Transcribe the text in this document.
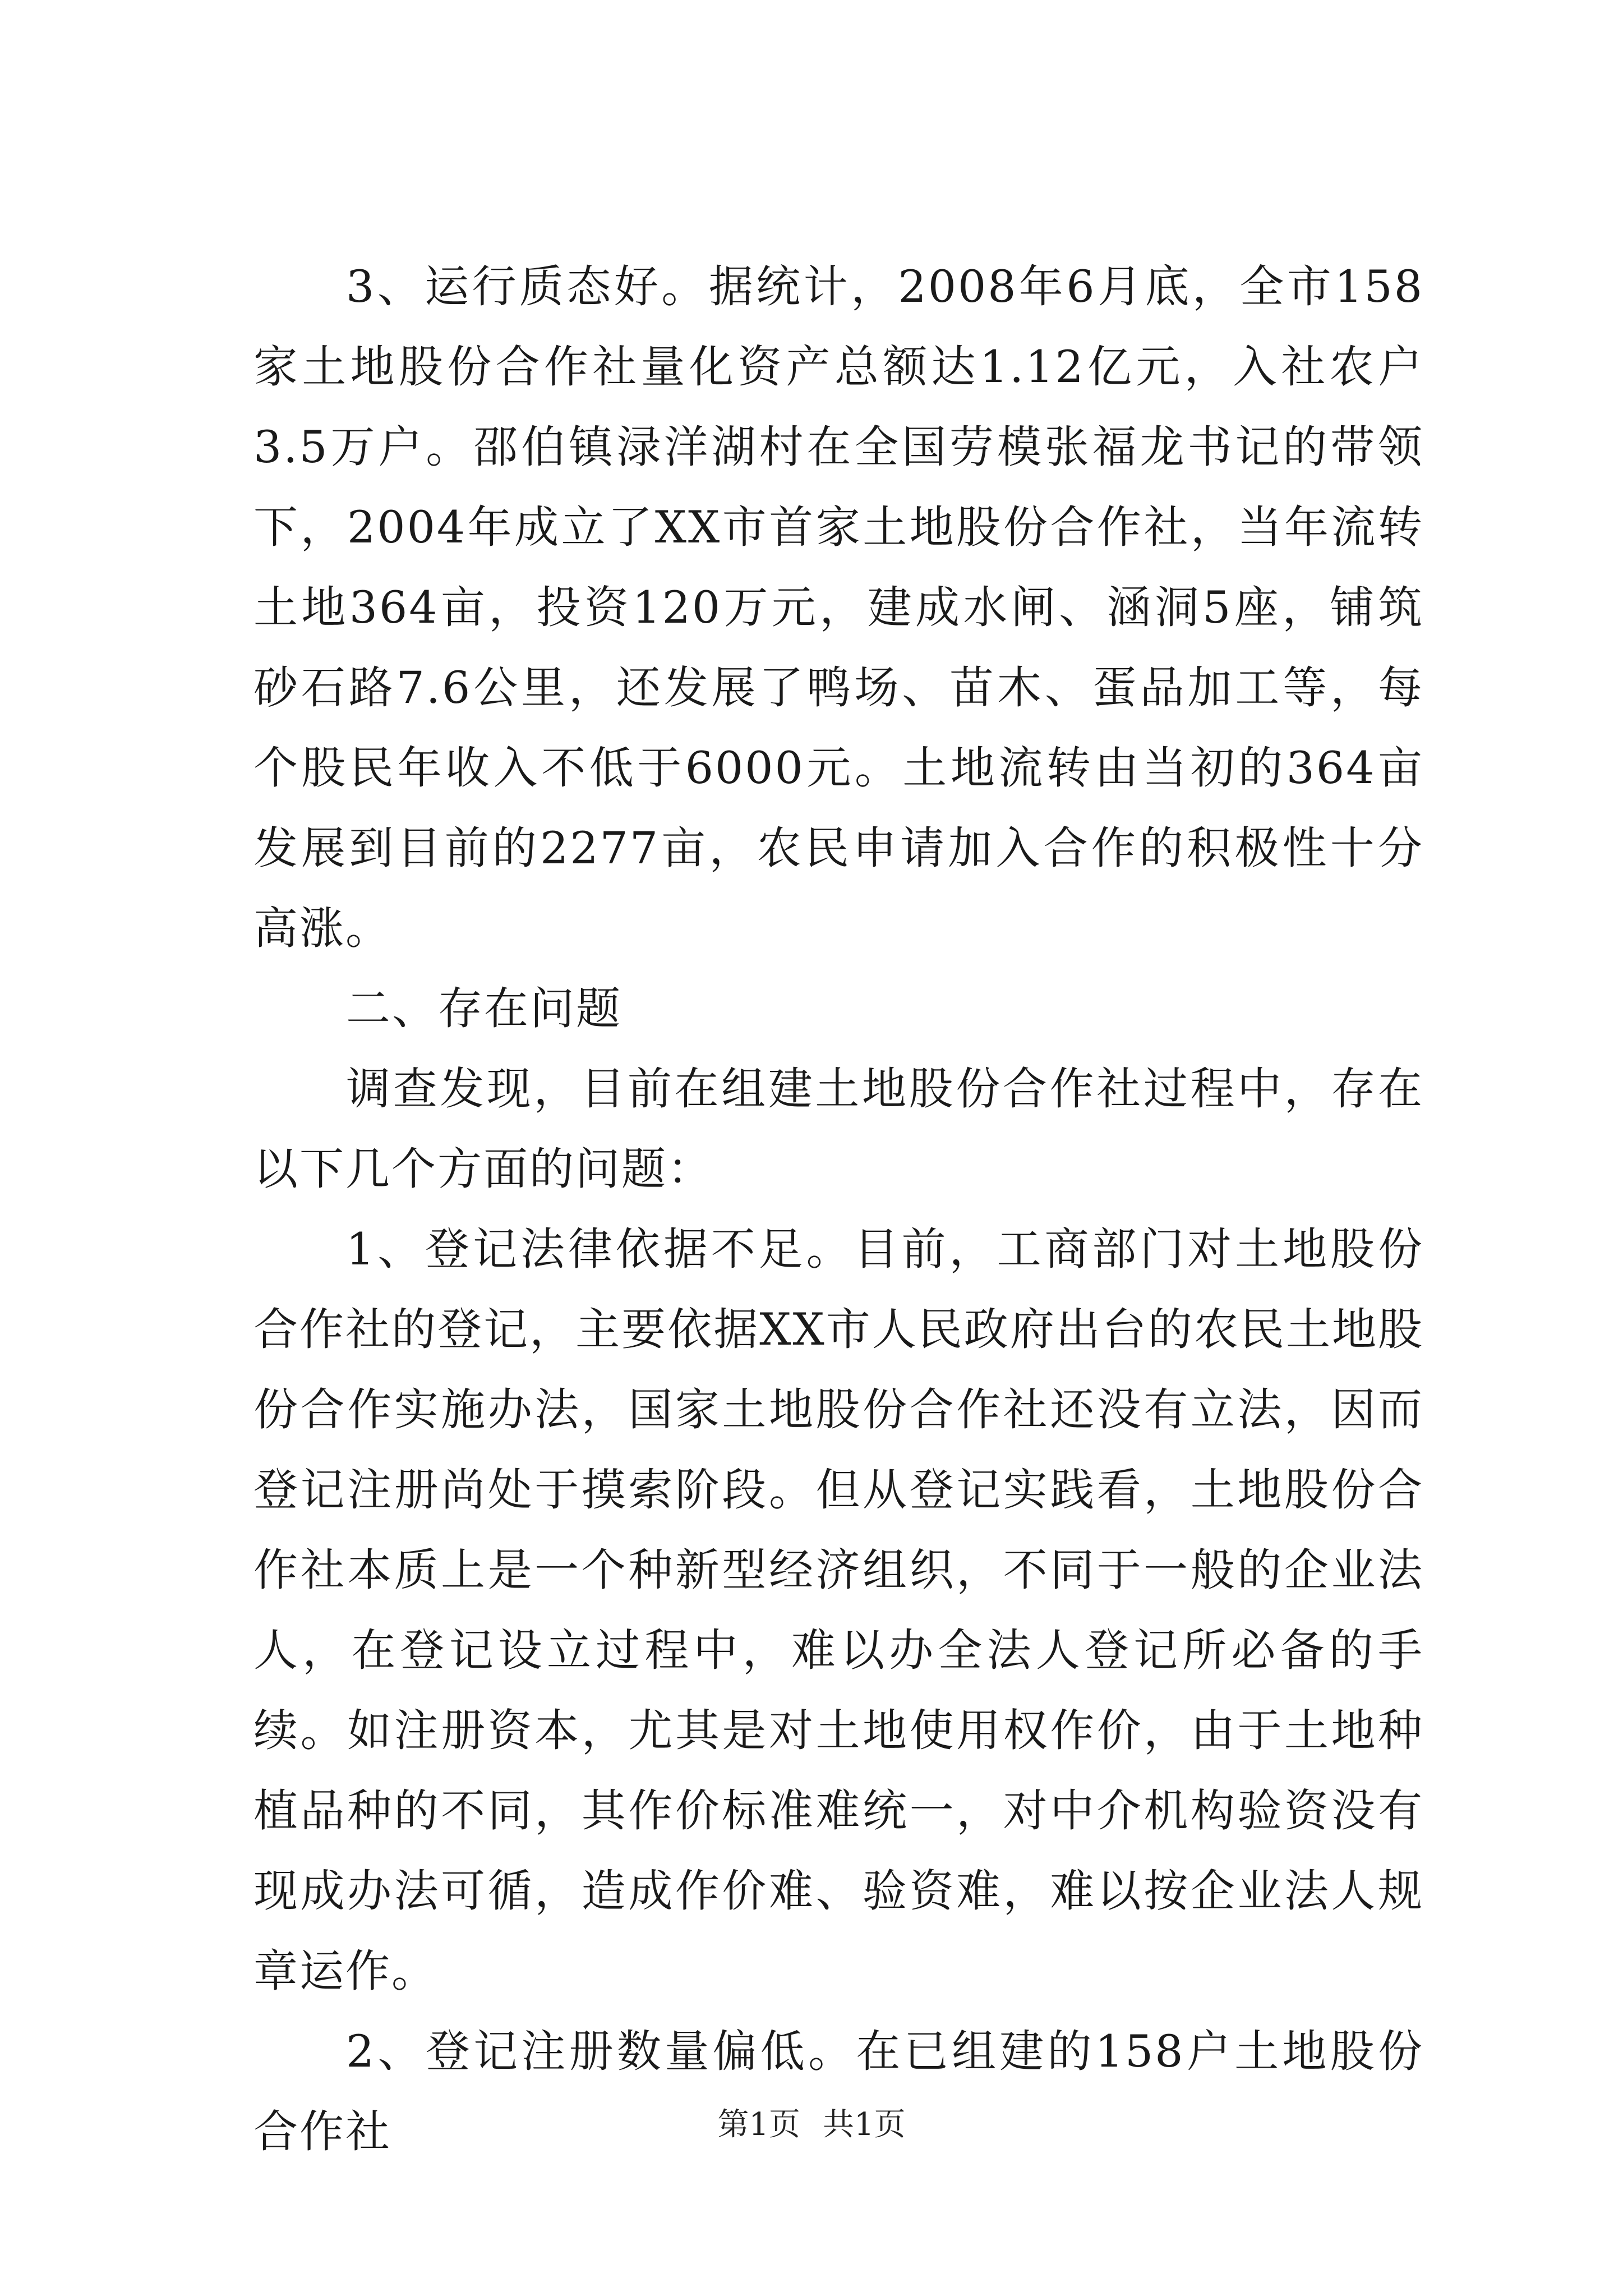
3、运行质态好。据统计，2008年6月底，全市158家土地股份合作社量化资产总额达1.12亿元，入社农户3.5万户。邵伯镇渌洋湖村在全国劳模张福龙书记的带领下，2004年成立了XX市首家土地股份合作社，当年流转土地364亩，投资120万元，建成水闸、涵洞5座，铺筑砂石路7.6公里，还发展了鸭场、苗木、蛋品加工等，每个股民年收入不低于6000元。土地流转由当初的364亩发展到目前的2277亩，农民申请加入合作的积极性十分高涨。

二、存在问题

调查发现，目前在组建土地股份合作社过程中，存在以下几个方面的问题：

1、登记法律依据不足。目前，工商部门对土地股份合作社的登记，主要依据XX市人民政府出台的农民土地股份合作实施办法，国家土地股份合作社还没有立法，因而登记注册尚处于摸索阶段。但从登记实践看，土地股份合作社本质上是一个种新型经济组织，不同于一般的企业法人，在登记设立过程中，难以办全法人登记所必备的手续。如注册资本，尤其是对土地使用权作价，由于土地种植品种的不同，其作价标准难统一，对中介机构验资没有现成办法可循，造成作价难、验资难，难以按企业法人规章运作。

2、登记注册数量偏低。在已组建的158户土地股份合作社	第1页 共1页
